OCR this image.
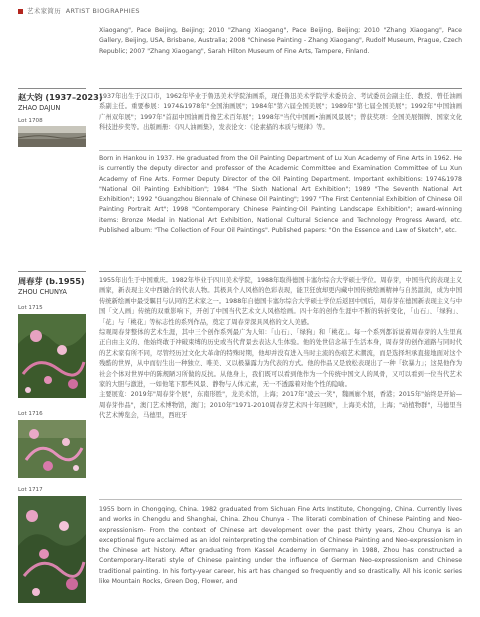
艺术家简历 ARTIST BIOGRAPHIES
Xiaogang", Pace Beijing, Beijing; 2010 "Zhang Xiaogang", Pace Beijing, Beijing; 2010 "Zhang Xiaogang", Pace Gallery, Beijing, USA, Brisbane, Australia; 2008 "Chinese Painting - Zhang Xiaogang", Rudolf Museum, Prague, Czech Republic; 2007 "Zhang Xiaogang", Sarah Hilton Museum of Fine Arts, Tampere, Finland.
赵大钧 (1937–2023)
ZHAO DAJUN
Lot 1708
1937年出生于汉口市，1962年毕业于鲁迅美术学院油画系，现任鲁迅美术学院学术委员会、考试委员会副主任、教授、曾任油画系副主任。重要参展：1974&1978年"全国油画展"；1984年"第六届全国美展"；1989年"第七届全国美展"；1992年"中国油画广州双年展"；1997年"首届中国油画肖像艺术百年展"；1998年"当代中国画•油画风景展"；曾获奖项：全国美展铜牌、国家文化科技进步奖等。出版画册：《四人油画集》，发表论文：《论素描的本质与规律》等。
Born in Hankou in 1937. He graduated from the Oil Painting Department of Lu Xun Academy of Fine Arts in 1962. He is currently the deputy director and professor of the Academic Committee and Examination Committee of Lu Xun Academy of Fine Arts. Former Deputy Director of the Oil Painting Department. Important exhibitions: 1974&1978 "National Oil Painting Exhibition"; 1984 "The Sixth National Art Exhibition"; 1989 "The Seventh National Art Exhibition"; 1992 "Guangzhou Biennale of Chinese Oil Painting"; 1997 "The First Centennial Exhibition of Chinese Oil Painting Portrait Art"; 1998 "Contemporary Chinese Painting·Oil Painting Landscape Exhibition"; award-winning items: Bronze Medal in National Art Exhibition, National Cultural Science and Technology Progress Award, etc. Published album: "The Collection of Four Oil Paintings". Published papers: "On the Essence and Law of Sketch", etc.
周春芽 (b.1955)
ZHOU CHUNYA
Lot 1715
Lot 1716
Lot 1717
1955年出生于中国重庆。1982年毕业于四川美术学院，1988年取得德国卡塞尔综合大学硕士学位。周春芽，中国当代的表现主义画家，新表现主义中西融合的代表人物。其极具个人风格的色彩表现，能卫狂放却更内藏中国传统绘画精神与自然温润，成为中国传统新绘画中最受瞩目与认同的艺术家之一。1988年自德国卡塞尔综合大学硕士学位后返回中国后，周春芽在德国新表现主义与中国「文人画」传统的双重影响下，开创了中国当代艺术文人风格绘画。四十年的创作生涯中不断的转折变化，「山石」、「绿狗」、「花」与「桃花」等标志性的系列作品，奠定了周春芽深具风格的文人美感。
综观周春芽整体的艺术生涯，其中三个创作系列最广为人知：「山石」、「绿狗」和「桃花」。每一个系列都诉说着周春芽的人生里真正自由主义的、他始终敢于冲破束缚的历史或当代背景去表达人生体验。他的处世信念基于生活本身，周春芽的创作道路与同时代的艺术家有所不同，尽管经历过文化大革命的特殊时期，他却并没有进入当时主流的伤痕艺术潮流，而是选择坦承直接地面对这个残酷的世界，从中而衍生出一种独立、唯美、又以极暴露力为代表的方式。他的作品又是放松表现出了一种「软暴力」；这晃他作为社会个体对世界中的陈规陋习所做的反抗。从他身上，我们既可以看到他作为一个传统中国文人的风骨，又可以看到一位当代艺术家的大胆与激进，一如他笔下那些风景、静物与人体元素，无一不透露着对他个性的隐喻。
主要展览：2019年"周春芽个展"，东南形胜"，龙美术馆，上海；2017年"凌云一笑"，魏画廊个展，香港；2015年"始终是开始—周春芽作品"，澳门艺术博物馆，澳门；2010年"1971-2010周春芽艺术四十年回顾"，上海美术馆，上海；"动植物群"，马德里当代艺术博览会，马德里，西班牙
1955 born in Chongqing, China. 1982 graduated from Sichuan Fine Arts Institute, Chongqing, China. Currently lives and works in Chengdu and Shanghai, China. Zhou Chunya - The literati combination of Chinese Painting and Neo-expressionism- From the context of Chinese art development over the past thirty years, Zhou Chunya is an exceptional figure acclaimed as an idol reinterpreting the combination of Chinese Painting and Neo-expressionism in the Chinese art history. After graduating from Kassel Academy in Germany in 1988, Zhou has constructed a Contemporary-literati style of Chinese painting under the influence of German Neo-expressionism and Chinese traditional painting. In his forty-year career, his art has changed so frequently and so drastically. All his iconic series like Mountain Rocks, Green Dog, Flower, and
